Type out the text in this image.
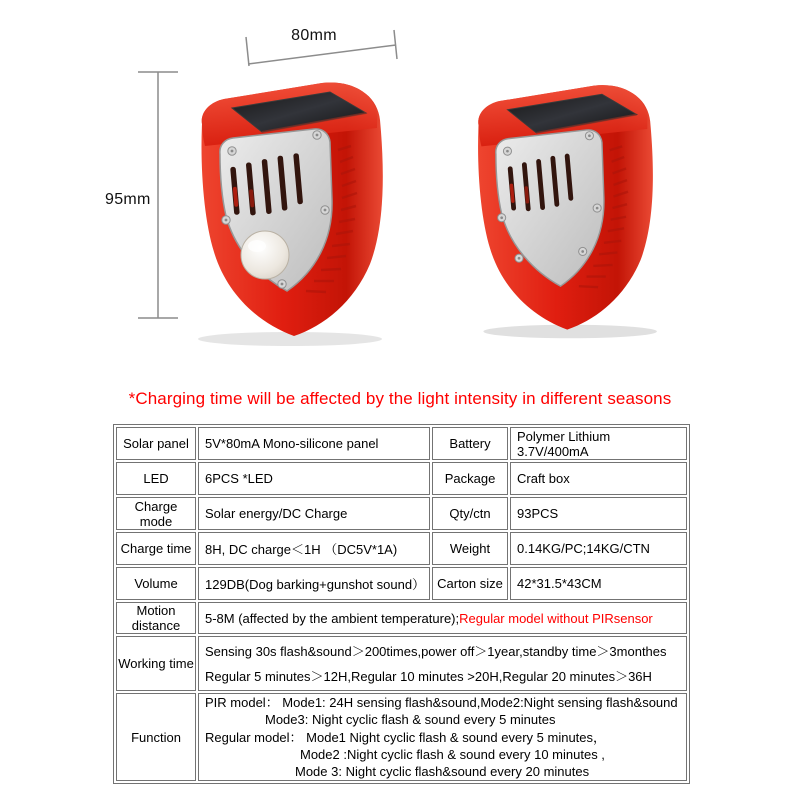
80mm
95mm
*Charging time will be affected by the light intensity in different seasons
Solar panel	5V*80mA Mono-silicone panel	Battery	Polymer Lithium 3.7V/400mA
LED	6PCS *LED	Package	Craft box
Charge mode	Solar energy/DC Charge	Qty/ctn	93PCS
Charge time	8H, DC charge＜1H （DC5V*1A)	Weight	0.14KG/PC;14KG/CTN
Volume	129DB(Dog barking+gunshot sound）	Carton size	42*31.5*43CM
Motion distance	5-8M (affected by the ambient temperature);Regular model without PIRsensor		
Working time	Sensing 30s flash&sound＞200times,power off＞1year,standby time＞3monthes
Regular 5 minutes＞12H,Regular 10 minutes >20H,Regular 20 minutes＞36H		

Function	PIR model： Mode1: 24H sensing flash&sound,Mode2:Night sensing flash&sound
Mode3: Night cyclic flash & sound every 5 minutes
Regular model： Mode1 Night cyclic flash & sound every 5 minutes，
Mode2 :Night cyclic flash & sound every 10 minutes ,
Mode 3: Night cyclic flash&sound every 20 minutes		
